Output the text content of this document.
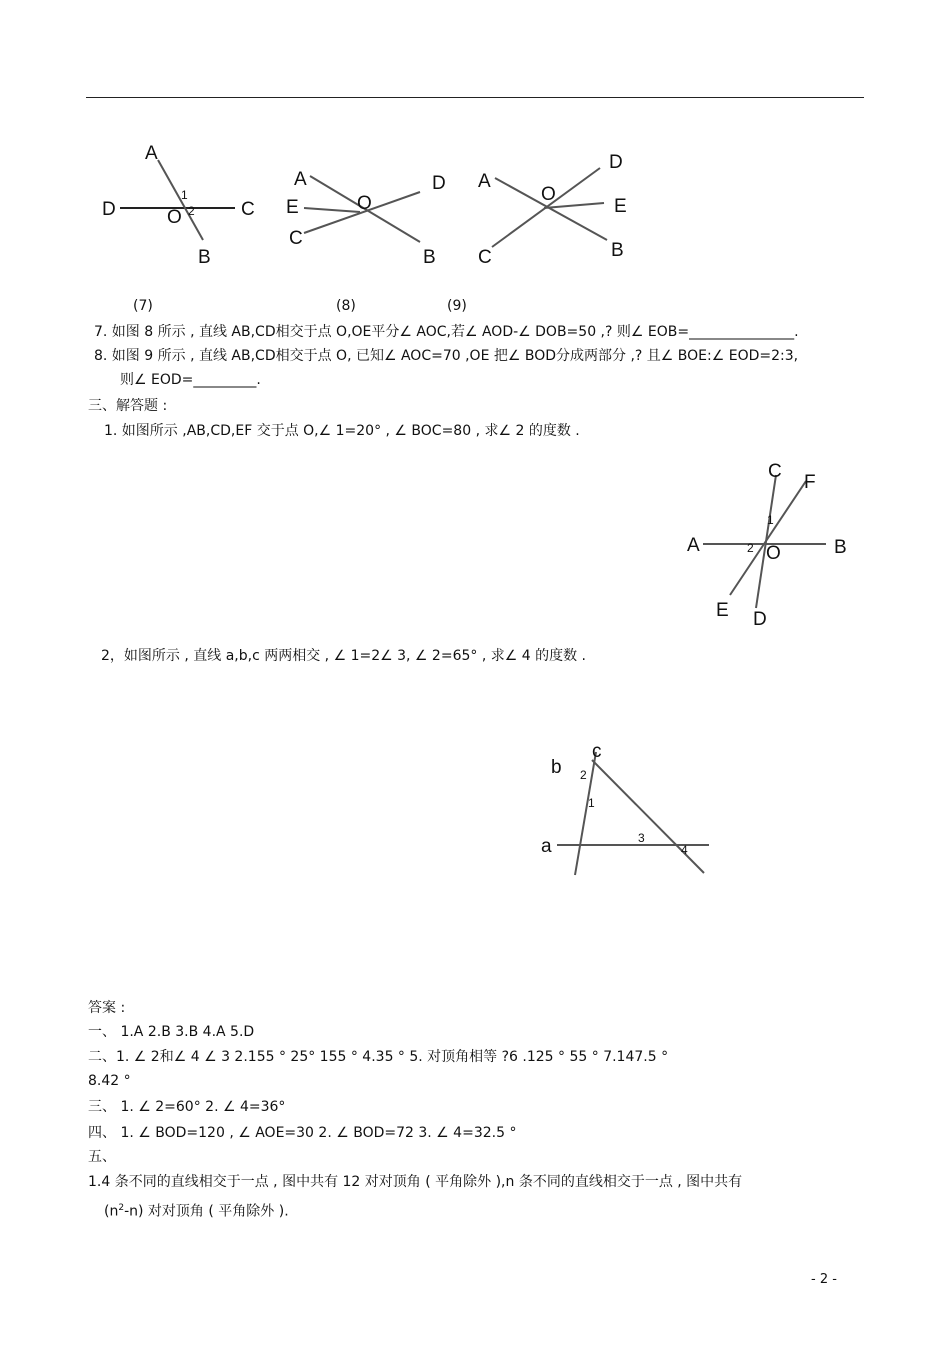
A
D	O	C
B
1
2
A
E
C
O
D
B
A
O
D
E
C	B
(7)	(8)	(9)
7. 如图 8 所示 , 直线 AB,CD相交于点 O,OE平分∠ AOC,若∠ AOD-∠ DOB=50 ,? 则∠ EOB=_______________.
8. 如图 9 所示 , 直线 AB,CD相交于点 O, 已知∠ AOC=70 ,OE 把∠ BOD分成两部分 ,? 且∠ BOE:∠ EOD=2:3,
则∠ EOD=_________.
三、解答题 :
1. 如图所示 ,AB,CD,EF 交于点 O,∠ 1=20° , ∠ BOC=80 , 求∠ 2 的度数 .
C
F
A	B
O
E D
1
2
2，如图所示 , 直线 a,b,c 两两相交 , ∠ 1=2∠ 3, ∠ 2=65° , 求∠ 4 的度数 .
c
b
a
2
1
3
4
答案 :
一、 1.A 2.B 3.B 4.A 5.D
二、1. ∠ 2和∠ 4 ∠ 3 2.155 ° 25° 155 ° 4.35 ° 5. 对顶角相等 ?6 .125 ° 55 ° 7.147.5 °
8.42 °
三、 1. ∠ 2=60° 2. ∠ 4=36°
四、 1. ∠ BOD=120 , ∠ AOE=30 2. ∠ BOD=72 3. ∠ 4=32.5 °
五、
1.4 条不同的直线相交于一点 , 图中共有 12 对对顶角 ( 平角除外 ),n 条不同的直线相交于一点 , 图中共有
$(n^2-n)$ 对对顶角 ( 平角除外 ).
- 2 -
